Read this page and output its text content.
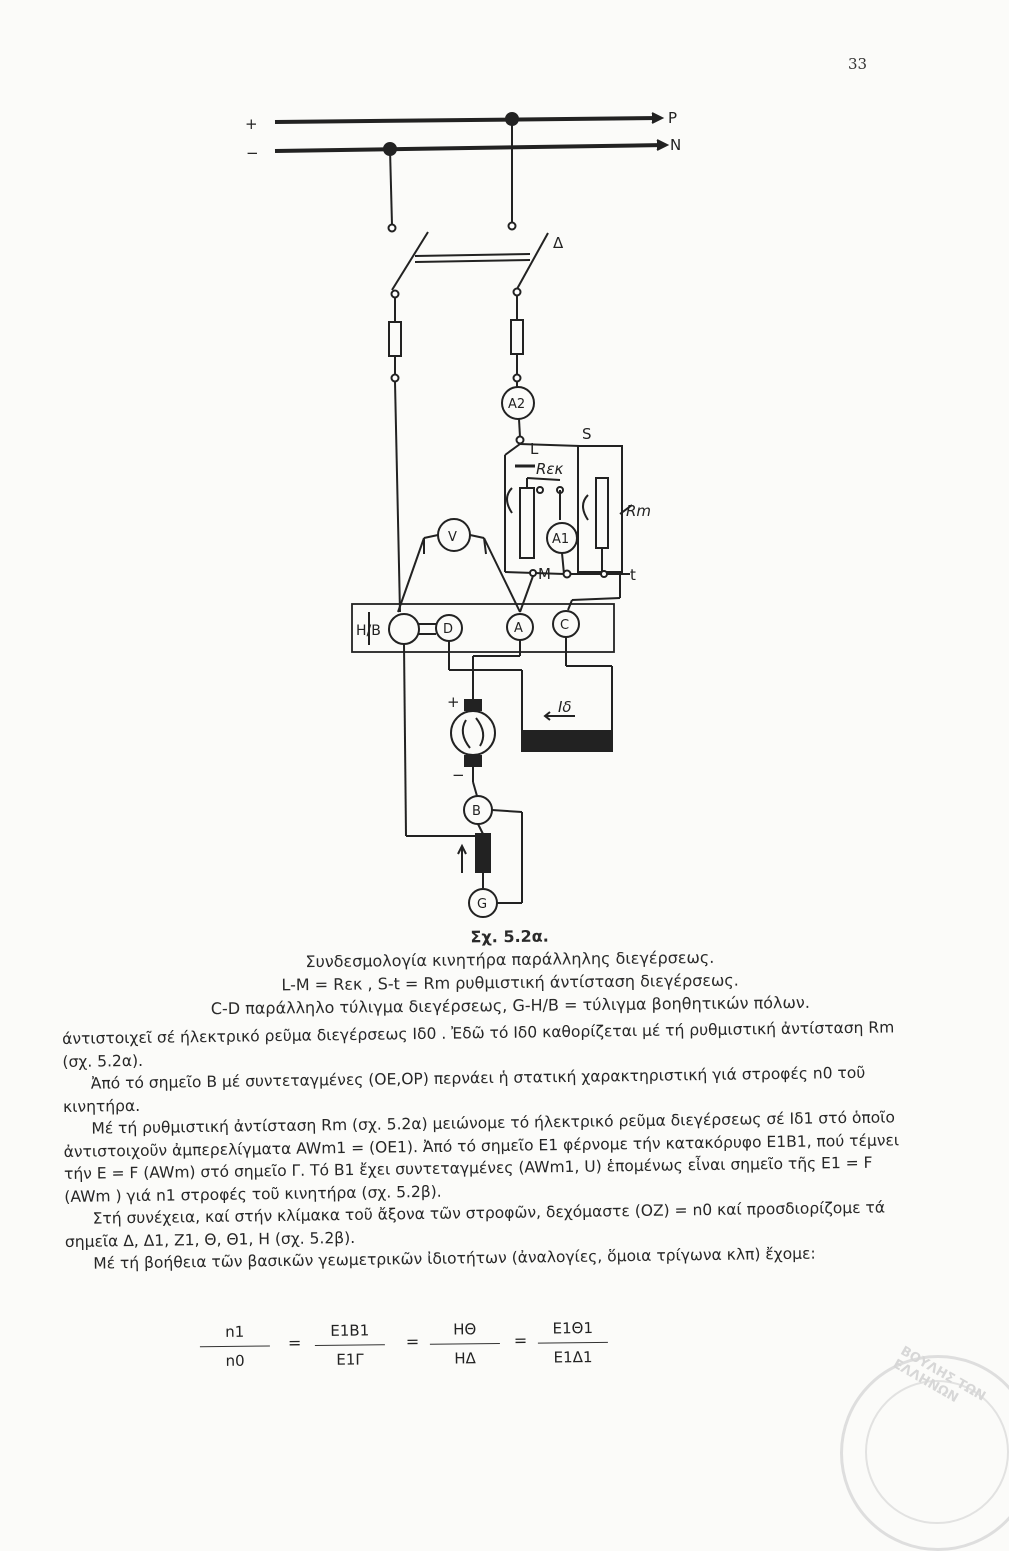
33
+
−
P
N
Δ
A2
L
S
Rεκ
Rm
A1
V
M	t
H/B	D	A	C
+
−
Iδ
B
G
Σχ. 5.2α.
Συνδεσμολογία κινητήρα παράλληλης διεγέρσεως.
L-M = Rεκ , S-t = Rm ρυθμιστική άντίσταση διεγέρσεως.
C-D παράλληλο τύλιγμα διεγέρσεως, G-H/B = τύλιγμα βοηθητικών πόλων.

άντιστοιχεῖ σέ ήλεκτρικό ρεῦμα διεγέρσεως Ιδ0 . Ἐδῶ τό Ιδ0 καθορίζεται μέ τή ρυθμιστική ἀντίσταση Rm (σχ. 5.2α).

Ἀπό τό σημεῖο B μέ συντεταγμένες (OE,OP) περνάει ἡ στατική χαρακτηριστική γιά στροφές n0 τοῦ κινητήρα.

Μέ τή ρυθμιστική ἀντίσταση Rm (σχ. 5.2α) μειώνομε τό ήλεκτρικό ρεῦμα διεγέρσεως σέ Ιδ1 στό ὁποῖο ἀντιστοιχοῦν ἀμπερελίγματα AWm1 = (OE1). Ἀπό τό σημεῖο E1 φέρνομε τήν κατακόρυφο E1B1, πού τέμνει τήν E = F (AWm) στό σημεῖο Γ. Τό B1 ἔχει συντεταγμένες (AWm1, U) ἑπομένως εἶναι σημεῖο τῆς E1 = F (AWm ) γιά n1 στροφές τοῦ κινητήρα (σχ. 5.2β).

Στή συνέχεια, καί στήν κλίμακα τοῦ ἄξονα τῶν στροφῶν, δεχόμαστε (OZ) = n0 καί προσδιορίζομε τά σημεῖα Δ, Δ1, Z1, Θ, Θ1, H (σχ. 5.2β).

Μέ τή βοήθεια τῶν βασικῶν γεωμετρικῶν ἰδιοτήτων (ἀναλογίες, ὅμοια τρίγωνα κλπ) ἔχομε:

n1
n0
=
E1B1
E1Γ
=
HΘ
HΔ
=
E1Θ1
E1Δ1	ΒΟΥΛΗΣ ΤΩΝ ΕΛΛΗΝΩΝ
